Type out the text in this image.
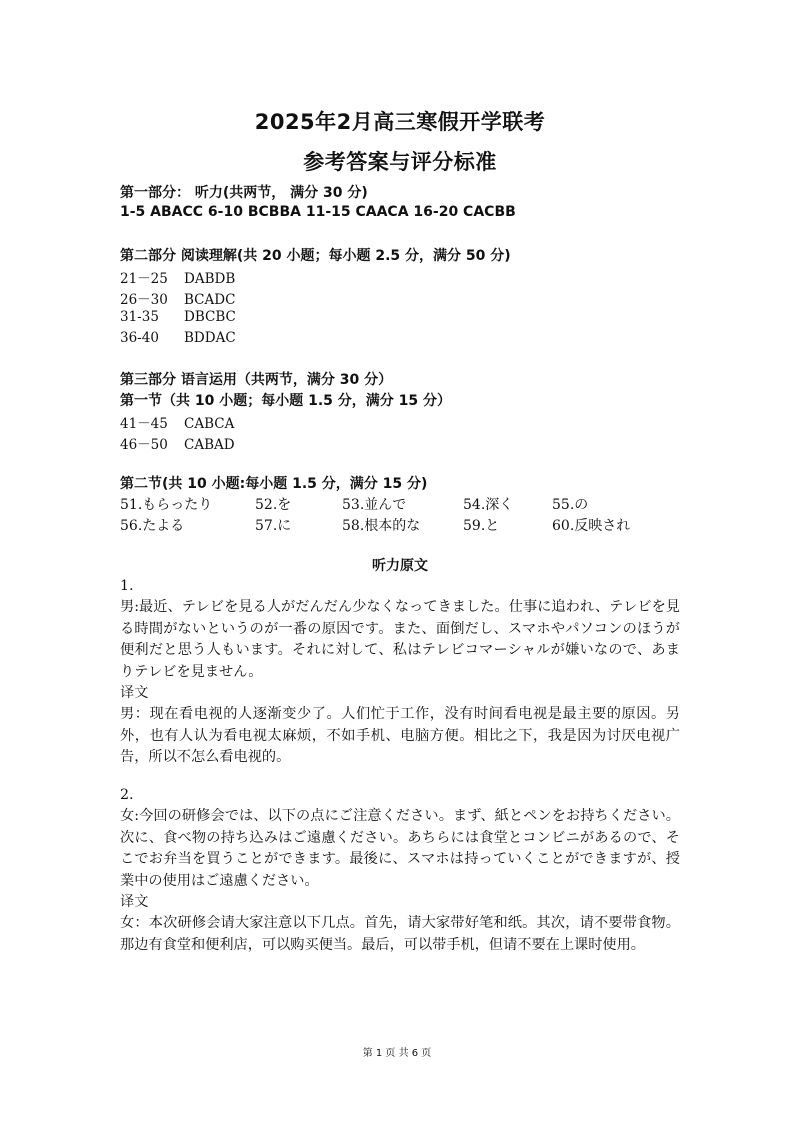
2025年2月高三寒假开学联考
参考答案与评分标准
第一部分： 听力(共两节， 满分 30 分)
1-5 ABACC 6-10 BCBBA 11-15 CAACA 16-20 CACBB
第二部分 阅读理解(共 20 小题；每小题 2.5 分，满分 50 分)
21－25 DABDB
26－30 BCADC
31-35 DBCBC
36-40 BDDAC
第三部分 语言运用（共两节，满分 30 分）
第一节（共 10 小题；每小题 1.5 分，满分 15 分）
41－45 CABCA
46－50 CABAD
第二节(共 10 小题:每小题 1.5 分，满分 15 分)
51.もらったり	52.を	53.並んで	54.深く	55.の
56.たよる	57.に	58.根本的な	59.と	60.反映され
听力原文
1.
男:最近、テレビを見る人がだんだん少なくなってきました。仕事に追われ、テレビを見る時間がないというのが一番の原因です。また、面倒だし、スマホやパソコンのほうが便利だと思う人もいます。それに対して、私はテレビコマーシャルが嫌いなので、あまりテレビを見ません。
译文
男：现在看电视的人逐渐变少了。人们忙于工作，没有时间看电视是最主要的原因。另外，也有人认为看电视太麻烦，不如手机、电脑方便。相比之下，我是因为讨厌电视广告，所以不怎么看电视的。
2.
女:今回の研修会では、以下の点にご注意ください。まず、紙とペンをお持ちください。次に、食べ物の持ち込みはご遠慮ください。あちらには食堂とコンビニがあるので、そこでお弁当を買うことができます。最後に、スマホは持っていくことができますが、授業中の使用はご遠慮ください。
译文
女：本次研修会请大家注意以下几点。首先，请大家带好笔和纸。其次，请不要带食物。那边有食堂和便利店，可以购买便当。最后，可以带手机，但请不要在上课时使用。
第 1 页 共 6 页
